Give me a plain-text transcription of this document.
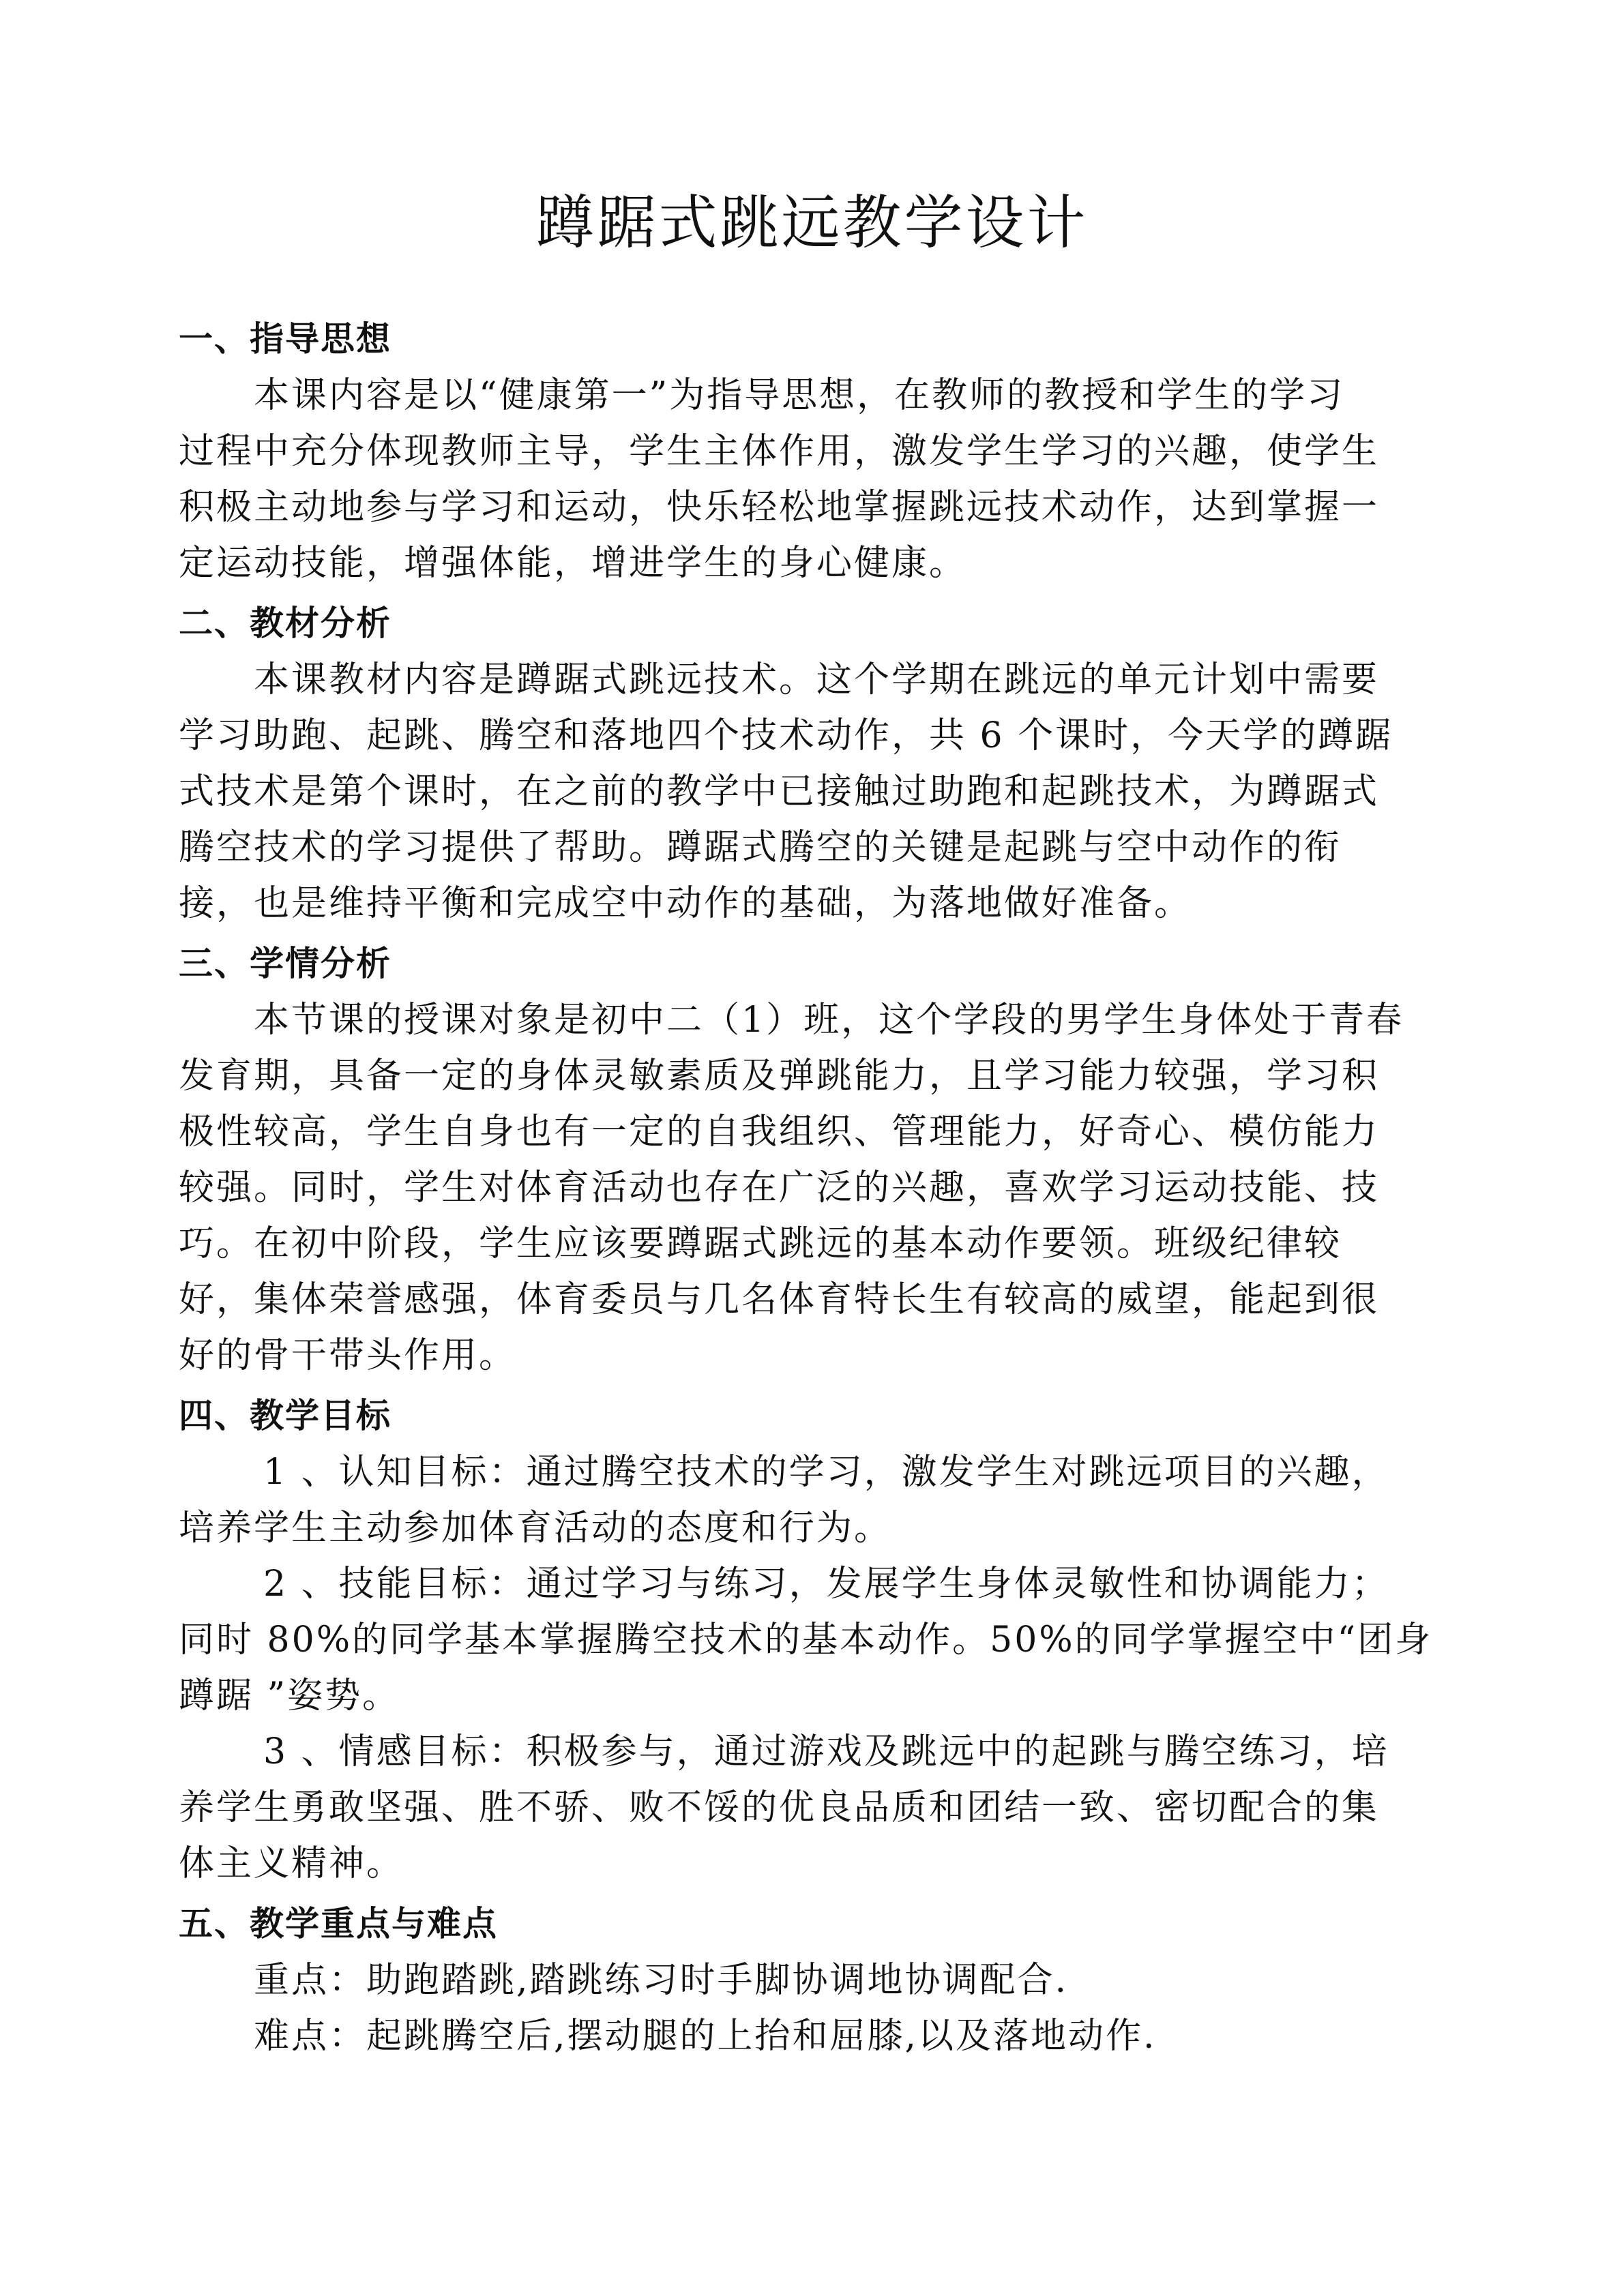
蹲踞式跳远教学设计
一、指导思想
本课内容是以“健康第一”为指导思想，在教师的教授和学生的学习
过程中充分体现教师主导，学生主体作用，激发学生学习的兴趣，使学生
积极主动地参与学习和运动，快乐轻松地掌握跳远技术动作，达到掌握一
定运动技能，增强体能，增进学生的身心健康。
二、教材分析
本课教材内容是蹲踞式跳远技术。这个学期在跳远的单元计划中需要
学习助跑、起跳、腾空和落地四个技术动作，共 6 个课时，今天学的蹲踞
式技术是第个课时，在之前的教学中已接触过助跑和起跳技术，为蹲踞式
腾空技术的学习提供了帮助。蹲踞式腾空的关键是起跳与空中动作的衔
接，也是维持平衡和完成空中动作的基础，为落地做好准备。
三、学情分析
本节课的授课对象是初中二（1）班，这个学段的男学生身体处于青春
发育期，具备一定的身体灵敏素质及弹跳能力，且学习能力较强，学习积
极性较高，学生自身也有一定的自我组织、管理能力，好奇心、模仿能力
较强。同时，学生对体育活动也存在广泛的兴趣，喜欢学习运动技能、技
巧。在初中阶段，学生应该要蹲踞式跳远的基本动作要领。班级纪律较
好，集体荣誉感强，体育委员与几名体育特长生有较高的威望，能起到很
好的骨干带头作用。
四、教学目标
1 、认知目标：通过腾空技术的学习，激发学生对跳远项目的兴趣，
培养学生主动参加体育活动的态度和行为。
2 、技能目标：通过学习与练习，发展学生身体灵敏性和协调能力；
同时 80%的同学基本掌握腾空技术的基本动作。50%的同学掌握空中“团身
蹲踞 ”姿势。
3 、情感目标：积极参与，通过游戏及跳远中的起跳与腾空练习，培
养学生勇敢坚强、胜不骄、败不馁的优良品质和团结一致、密切配合的集
体主义精神。
五、教学重点与难点
重点：助跑踏跳,踏跳练习时手脚协调地协调配合.
难点：起跳腾空后,摆动腿的上抬和屈膝,以及落地动作.
